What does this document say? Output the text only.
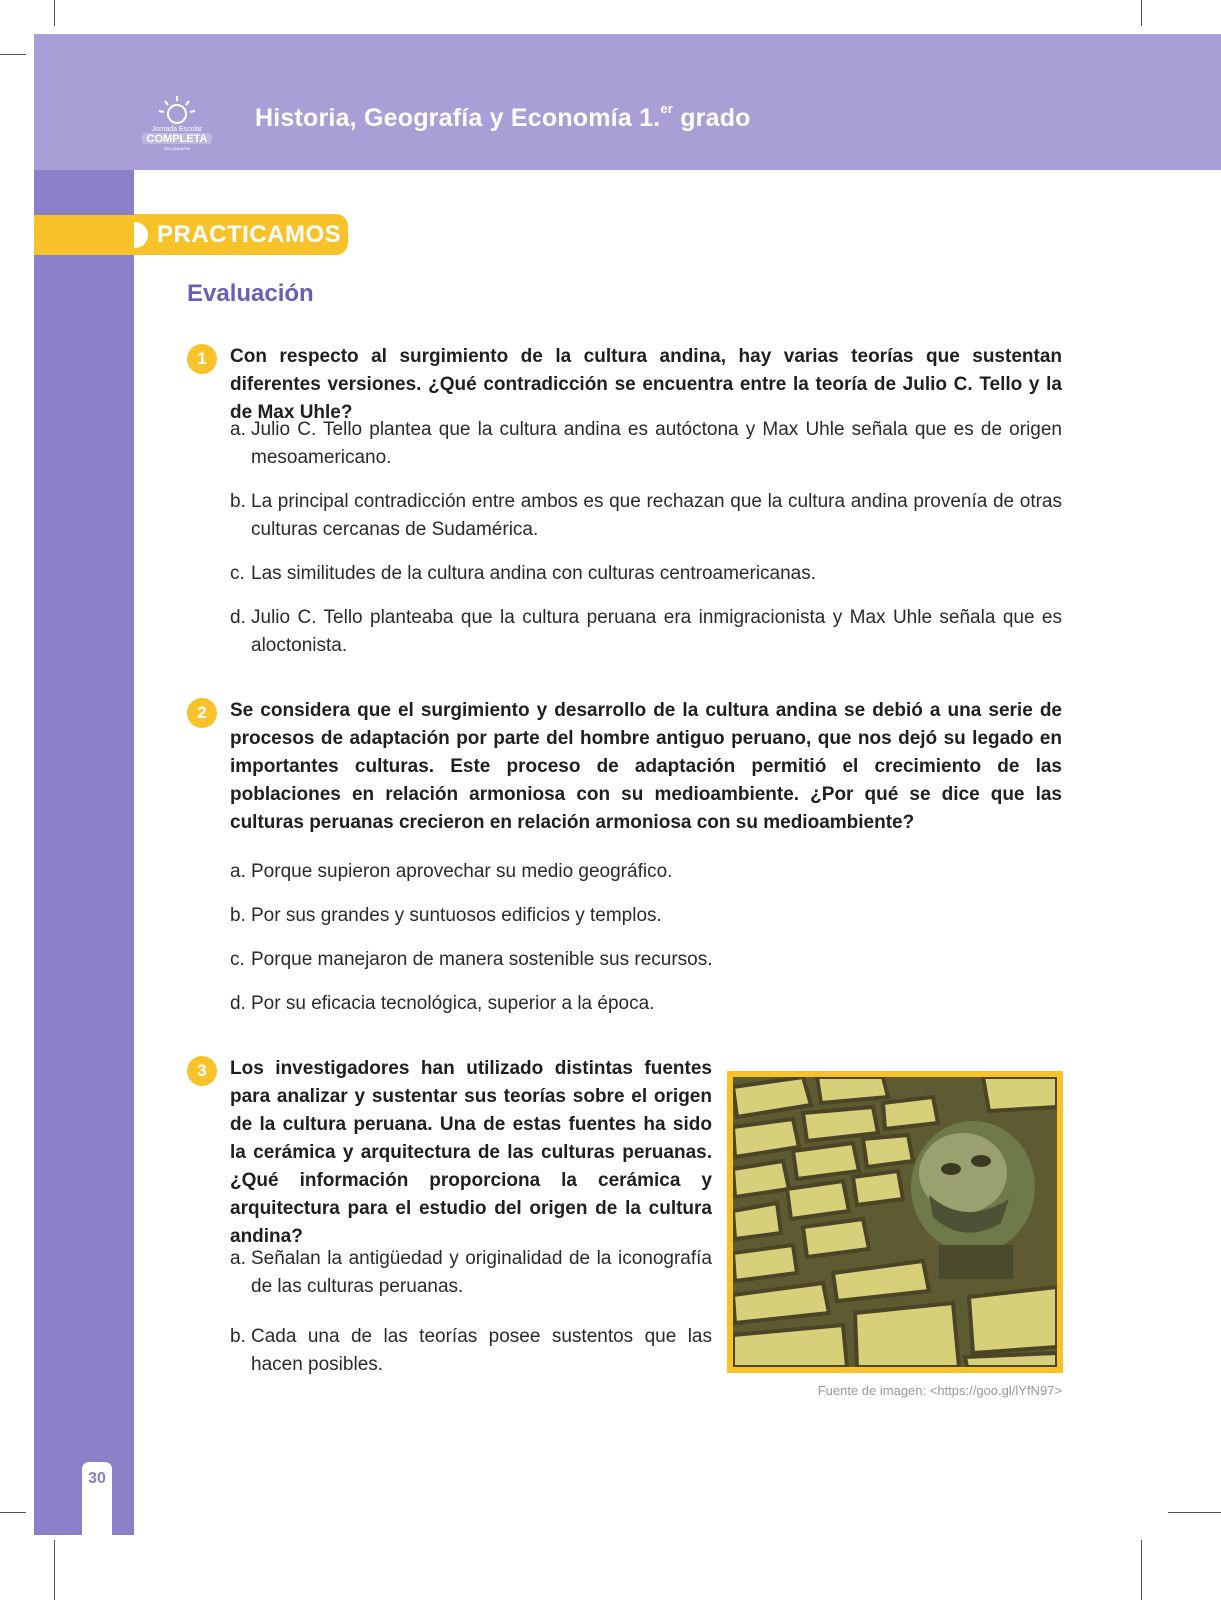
Jornada Escolar
COMPLETA
SECUNDARIA
Historia, Geografía y Economía 1.$^{er}$ grado
30
PRACTICAMOS
Evaluación
1	Con respecto al surgimiento de la cultura andina, hay varias teorías que sustentan diferentes versiones. ¿Qué contradicción se encuentra entre la teoría de Julio C. Tello y la de Max Uhle?
a. Julio C. Tello plantea que la cultura andina es autóctona y Max Uhle señala que es de origen mesoamericano.
b. La principal contradicción entre ambos es que rechazan que la cultura andina provenía de otras culturas cercanas de Sudamérica.
c. Las similitudes de la cultura andina con culturas centroamericanas.
d. Julio C. Tello planteaba que la cultura peruana era inmigracionista y Max Uhle señala que es aloctonista.
2	Se considera que el surgimiento y desarrollo de la cultura andina se debió a una serie de procesos de adaptación por parte del hombre antiguo peruano, que nos dejó su legado en importantes culturas. Este proceso de adaptación permitió el crecimiento de las poblaciones en relación armoniosa con su medioambiente. ¿Por qué se dice que las culturas peruanas crecieron en relación armoniosa con su medioambiente?
a. Porque supieron aprovechar su medio geográfico.
b. Por sus grandes y suntuosos edificios y templos.
c. Porque manejaron de manera sostenible sus recursos.
d. Por su eficacia tecnológica, superior a la época.
3	Los investigadores han utilizado distintas fuentes para analizar y sustentar sus teorías sobre el origen de la cultura peruana. Una de estas fuentes ha sido la cerámica y arquitectura de las culturas peruanas. ¿Qué información proporciona la cerámica y arquitectura para el estudio del origen de la cultura andina?
a. Señalan la antigüedad y originalidad de la iconografía de las culturas peruanas.
b. Cada una de las teorías posee sustentos que las hacen posibles.
Fuente de imagen: <https://goo.gl/lYfN97>
